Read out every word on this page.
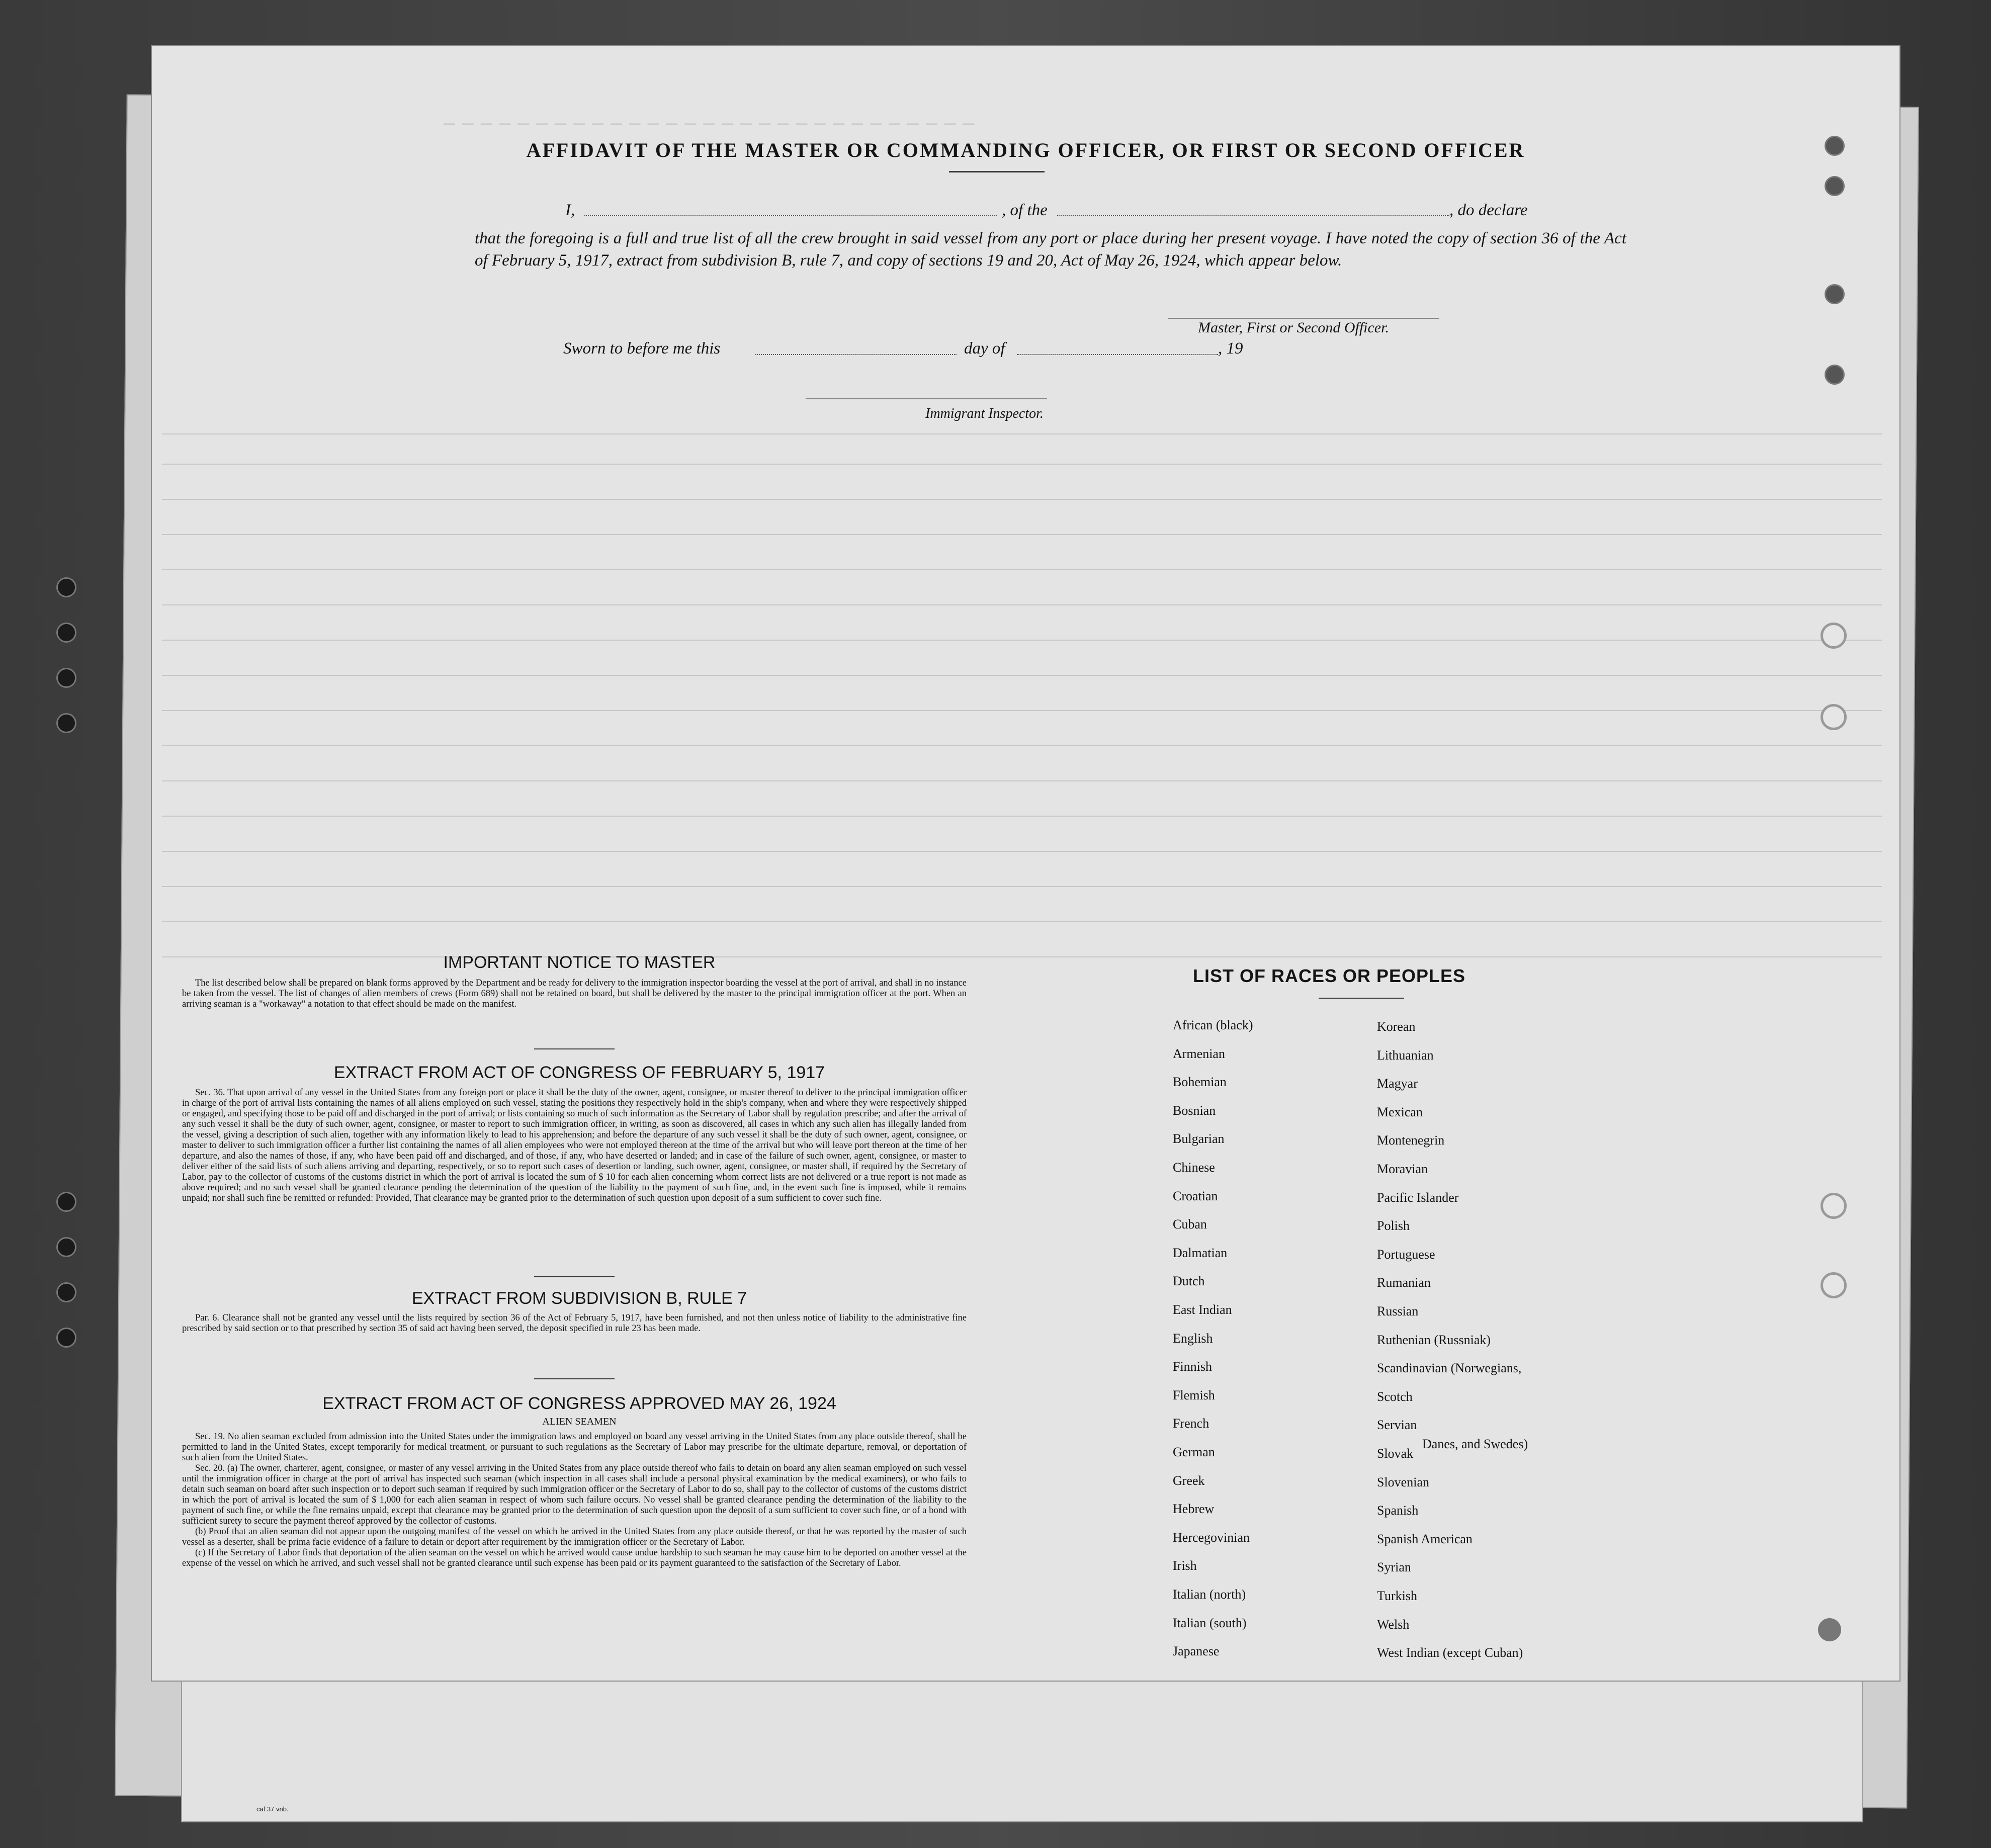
—————————————————————————————
AFFIDAVIT OF THE MASTER OR COMMANDING OFFICER, OR FIRST OR SECOND OFFICER
I,	, of the	, do declare
that the foregoing is a full and true list of all the crew brought in said vessel from any port or place during her present voyage. I have noted the copy of section 36 of the Act of February 5, 1917, extract from subdivision B, rule 7, and copy of sections 19 and 20, Act of May 26, 1924, which appear below.
Master, First or Second Officer.
Sworn to before me this	day of	, 19
Immigrant Inspector.
IMPORTANT NOTICE TO MASTER

The list described below shall be prepared on blank forms approved by the Department and be ready for delivery to the immigration inspector boarding the vessel at the port of arrival, and shall in no instance be taken from the vessel. The list of changes of alien members of crews (Form 689) shall not be retained on board, but shall be delivered by the master to the principal immigration officer at the port. When an arriving seaman is a "workaway" a notation to that effect should be made on the manifest.

EXTRACT FROM ACT OF CONGRESS OF FEBRUARY 5, 1917

Sec. 36. That upon arrival of any vessel in the United States from any foreign port or place it shall be the duty of the owner, agent, consignee, or master thereof to deliver to the principal immigration officer in charge of the port of arrival lists containing the names of all aliens employed on such vessel, stating the positions they respectively hold in the ship's company, when and where they were respectively shipped or engaged, and specifying those to be paid off and discharged in the port of arrival; or lists containing so much of such information as the Secretary of Labor shall by regulation prescribe; and after the arrival of any such vessel it shall be the duty of such owner, agent, consignee, or master to report to such immigration officer, in writing, as soon as discovered, all cases in which any such alien has illegally landed from the vessel, giving a description of such alien, together with any information likely to lead to his apprehension; and before the departure of any such vessel it shall be the duty of such owner, agent, consignee, or master to deliver to such immigration officer a further list containing the names of all alien employees who were not employed thereon at the time of the arrival but who will leave port thereon at the time of her departure, and also the names of those, if any, who have been paid off and discharged, and of those, if any, who have deserted or landed; and in case of the failure of such owner, agent, consignee, or master to deliver either of the said lists of such aliens arriving and departing, respectively, or so to report such cases of desertion or landing, such owner, agent, consignee, or master shall, if required by the Secretary of Labor, pay to the collector of customs of the customs district in which the port of arrival is located the sum of $ 10 for each alien concerning whom correct lists are not delivered or a true report is not made as above required; and no such vessel shall be granted clearance pending the determination of the question of the liability to the payment of such fine, and, in the event such fine is imposed, while it remains unpaid; nor shall such fine be remitted or refunded: Provided, That clearance may be granted prior to the determination of such question upon deposit of a sum sufficient to cover such fine.

EXTRACT FROM SUBDIVISION B, RULE 7

Par. 6. Clearance shall not be granted any vessel until the lists required by section 36 of the Act of February 5, 1917, have been furnished, and not then unless notice of liability to the administrative fine prescribed by said section or to that prescribed by section 35 of said act having been served, the deposit specified in rule 23 has been made.

EXTRACT FROM ACT OF CONGRESS APPROVED MAY 26, 1924
ALIEN SEAMEN

Sec. 19. No alien seaman excluded from admission into the United States under the immigration laws and employed on board any vessel arriving in the United States from any place outside thereof, shall be permitted to land in the United States, except temporarily for medical treatment, or pursuant to such regulations as the Secretary of Labor may prescribe for the ultimate departure, removal, or deportation of such alien from the United States.

Sec. 20. (a) The owner, charterer, agent, consignee, or master of any vessel arriving in the United States from any place outside thereof who fails to detain on board any alien seaman employed on such vessel until the immigration officer in charge at the port of arrival has inspected such seaman (which inspection in all cases shall include a personal physical examination by the medical examiners), or who fails to detain such seaman on board after such inspection or to deport such seaman if required by such immigration officer or the Secretary of Labor to do so, shall pay to the collector of customs of the customs district in which the port of arrival is located the sum of $ 1,000 for each alien seaman in respect of whom such failure occurs. No vessel shall be granted clearance pending the determination of the liability to the payment of such fine, or while the fine remains unpaid, except that clearance may be granted prior to the determination of such question upon the deposit of a sum sufficient to cover such fine, or of a bond with sufficient surety to secure the payment thereof approved by the collector of customs.

(b) Proof that an alien seaman did not appear upon the outgoing manifest of the vessel on which he arrived in the United States from any place outside thereof, or that he was reported by the master of such vessel as a deserter, shall be prima facie evidence of a failure to detain or deport after requirement by the immigration officer or the Secretary of Labor.

(c) If the Secretary of Labor finds that deportation of the alien seaman on the vessel on which he arrived would cause undue hardship to such seaman he may cause him to be deported on another vessel at the expense of the vessel on which he arrived, and such vessel shall not be granted clearance until such expense has been paid or its payment guaranteed to the satisfaction of the Secretary of Labor.

LIST OF RACES OR PEOPLES
Danes, and Swedes)
African (black)
Armenian
Bohemian
Bosnian
Bulgarian
Chinese
Croatian
Cuban
Dalmatian
Dutch
East Indian
English
Finnish
Flemish
French
German
Greek
Hebrew
Hercegovinian
Irish
Italian (north)
Italian (south)
Japanese
Korean
Lithuanian
Magyar
Mexican
Montenegrin
Moravian
Pacific Islander
Polish
Portuguese
Rumanian
Russian
Ruthenian (Russniak)
Scandinavian (Norwegians,
Scotch
Servian
Slovak
Slovenian
Spanish
Spanish American
Syrian
Turkish
Welsh
West Indian (except Cuban)
caf 37 vnb.
